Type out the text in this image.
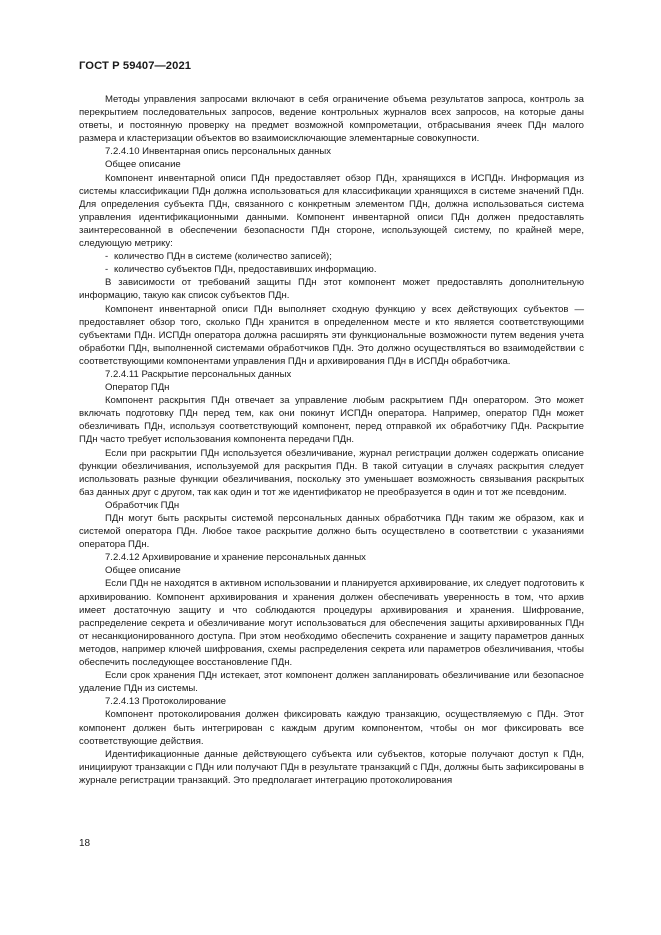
ГОСТ Р 59407—2021

Методы управления запросами включают в себя ограничение объема результатов запроса, контроль за перекрытием последовательных запросов, ведение контрольных журналов всех запросов, на которые даны ответы, и постоянную проверку на предмет возможной компрометации, отбрасывания ячеек ПДн малого размера и кластеризации объектов во взаимоисключающие элементарные совокупности.

7.2.4.10 Инвентарная опись персональных данных

Общее описание

Компонент инвентарной описи ПДн предоставляет обзор ПДн, хранящихся в ИСПДн. Информация из системы классификации ПДн должна использоваться для классификации хранящихся в системе значений ПДн. Для определения субъекта ПДн, связанного с конкретным элементом ПДн, должна использоваться система управления идентификационными данными. Компонент инвентарной описи ПДн должен предоставлять заинтересованной в обеспечении безопасности ПДн стороне, использующей систему, по крайней мере, следующую метрику:

- количество ПДн в системе (количество записей);

- количество субъектов ПДн, предоставивших информацию.

В зависимости от требований защиты ПДн этот компонент может предоставлять дополнительную информацию, такую как список субъектов ПДн.

Компонент инвентарной описи ПДн выполняет сходную функцию у всех действующих субъектов — предоставляет обзор того, сколько ПДн хранится в определенном месте и кто является соответствующими субъектами ПДн. ИСПДн оператора должна расширять эти функциональные возможности путем ведения учета обработки ПДн, выполненной системами обработчиков ПДн. Это должно осуществляться во взаимодействии с соответствующими компонентами управления ПДн и архивирования ПДн в ИСПДн обработчика.

7.2.4.11 Раскрытие персональных данных

Оператор ПДн

Компонент раскрытия ПДн отвечает за управление любым раскрытием ПДн оператором. Это может включать подготовку ПДн перед тем, как они покинут ИСПДн оператора. Например, оператор ПДн может обезличивать ПДн, используя соответствующий компонент, перед отправкой их обработчику ПДн. Раскрытие ПДн часто требует использования компонента передачи ПДн.

Если при раскрытии ПДн используется обезличивание, журнал регистрации должен содержать описание функции обезличивания, используемой для раскрытия ПДн. В такой ситуации в случаях раскрытия следует использовать разные функции обезличивания, поскольку это уменьшает возможность связывания раскрытых баз данных друг с другом, так как один и тот же идентификатор не преобразуется в один и тот же псевдоним.

Обработчик ПДн

ПДн могут быть раскрыты системой персональных данных обработчика ПДн таким же образом, как и системой оператора ПДн. Любое такое раскрытие должно быть осуществлено в соответствии с указаниями оператора ПДн.

7.2.4.12 Архивирование и хранение персональных данных

Общее описание

Если ПДн не находятся в активном использовании и планируется архивирование, их следует подготовить к архивированию. Компонент архивирования и хранения должен обеспечивать уверенность в том, что архив имеет достаточную защиту и что соблюдаются процедуры архивирования и хранения. Шифрование, распределение секрета и обезличивание могут использоваться для обеспечения защиты архивированных ПДн от несанкционированного доступа. При этом необходимо обеспечить сохранение и защиту параметров данных методов, например ключей шифрования, схемы распределения секрета или параметров обезличивания, чтобы обеспечить последующее восстановление ПДн.

Если срок хранения ПДн истекает, этот компонент должен запланировать обезличивание или безопасное удаление ПДн из системы.

7.2.4.13 Протоколирование

Компонент протоколирования должен фиксировать каждую транзакцию, осуществляемую с ПДн. Этот компонент должен быть интегрирован с каждым другим компонентом, чтобы он мог фиксировать все соответствующие действия.

Идентификационные данные действующего субъекта или субъектов, которые получают доступ к ПДн, инициируют транзакции с ПДн или получают ПДн в результате транзакций с ПДн, должны быть зафиксированы в журнале регистрации транзакций. Это предполагает интеграцию протоколирования

18
